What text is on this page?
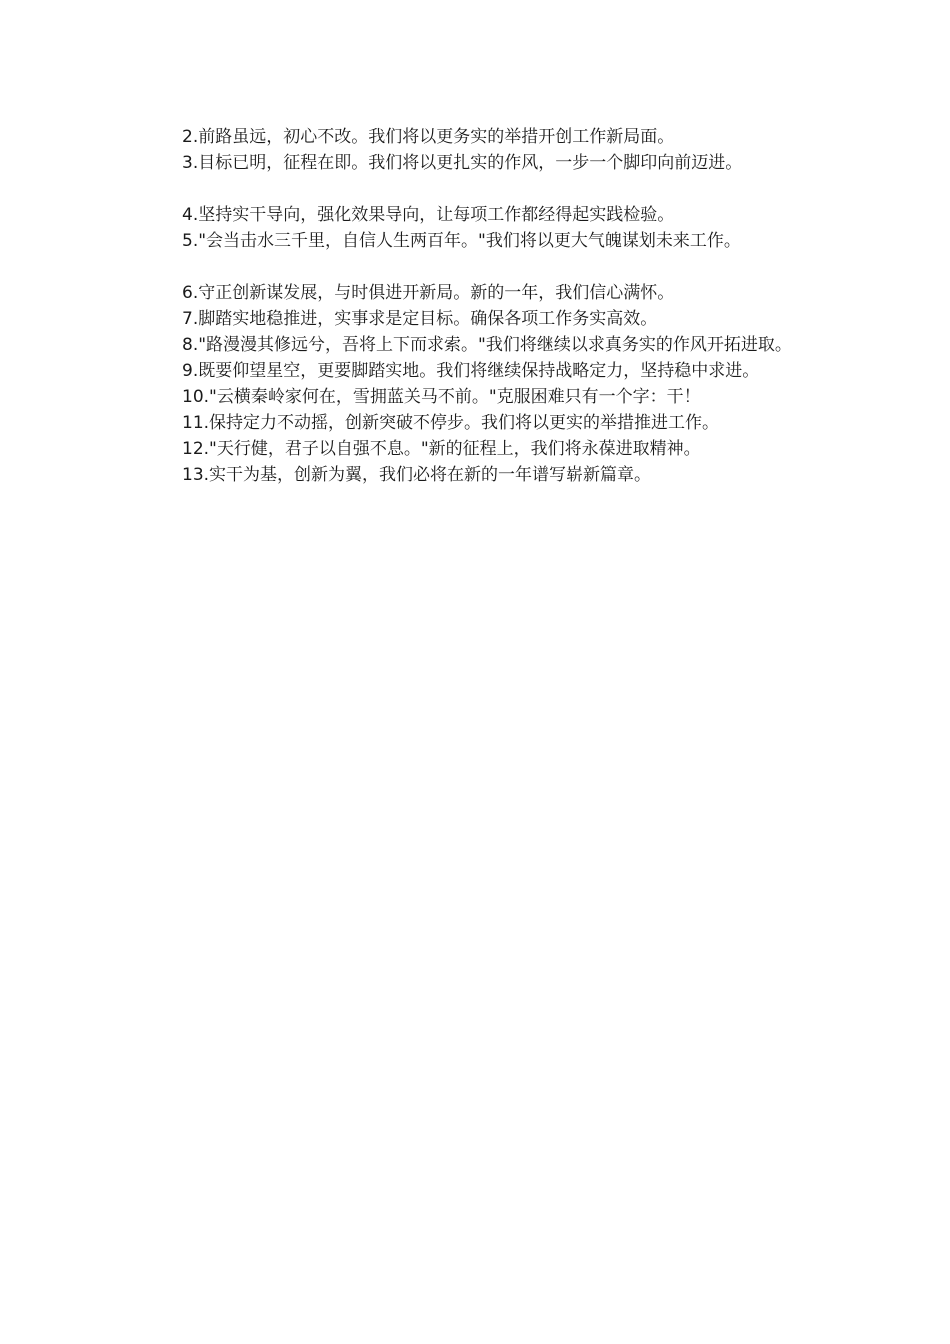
2.前路虽远，初心不改。我们将以更务实的举措开创工作新局面。

3.目标已明，征程在即。我们将以更扎实的作风，一步一个脚印向前迈进。

4.坚持实干导向，强化效果导向，让每项工作都经得起实践检验。

5."会当击水三千里，自信人生两百年。"我们将以更大气魄谋划未来工作。

6.守正创新谋发展，与时俱进开新局。新的一年，我们信心满怀。

7.脚踏实地稳推进，实事求是定目标。确保各项工作务实高效。

8."路漫漫其修远兮，吾将上下而求索。"我们将继续以求真务实的作风开拓进取。

9.既要仰望星空，更要脚踏实地。我们将继续保持战略定力，坚持稳中求进。

10."云横秦岭家何在，雪拥蓝关马不前。"克服困难只有一个字：干！

11.保持定力不动摇，创新突破不停步。我们将以更实的举措推进工作。

12."天行健，君子以自强不息。"新的征程上，我们将永葆进取精神。

13.实干为基，创新为翼，我们必将在新的一年谱写崭新篇章。
